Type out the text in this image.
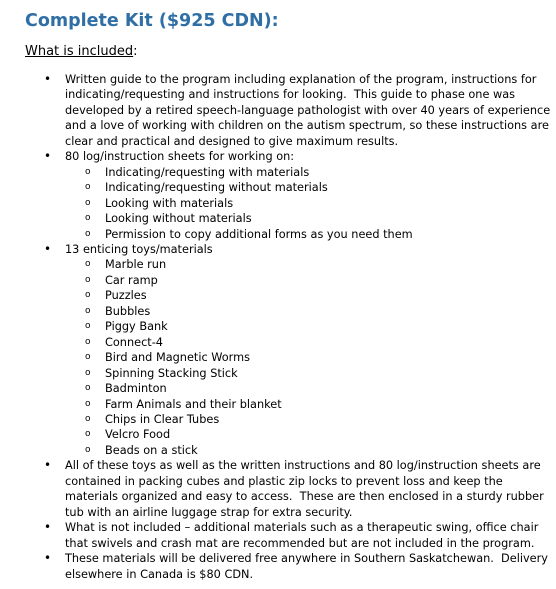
Complete Kit ($925 CDN):
What is included:
• Written guide to the program including explanation of the program, instructions for
indicating/requesting and instructions for looking.  This guide to phase one was
developed by a retired speech-language pathologist with over 40 years of experience
and a love of working with children on the autism spectrum, so these instructions are
clear and practical and designed to give maximum results.
• 80 log/instruction sheets for working on:
o Indicating/requesting with materials
o Indicating/requesting without materials
o Looking with materials
o Looking without materials
o Permission to copy additional forms as you need them
• 13 enticing toys/materials
o Marble run
o Car ramp
o Puzzles
o Bubbles
o Piggy Bank
o Connect-4
o Bird and Magnetic Worms
o Spinning Stacking Stick
o Badminton
o Farm Animals and their blanket
o Chips in Clear Tubes
o Velcro Food
o Beads on a stick
• All of these toys as well as the written instructions and 80 log/instruction sheets are
contained in packing cubes and plastic zip locks to prevent loss and keep the
materials organized and easy to access.  These are then enclosed in a sturdy rubber
tub with an airline luggage strap for extra security.
• What is not included – additional materials such as a therapeutic swing, office chair
that swivels and crash mat are recommended but are not included in the program.
• These materials will be delivered free anywhere in Southern Saskatchewan.  Delivery
elsewhere in Canada is $80 CDN.
